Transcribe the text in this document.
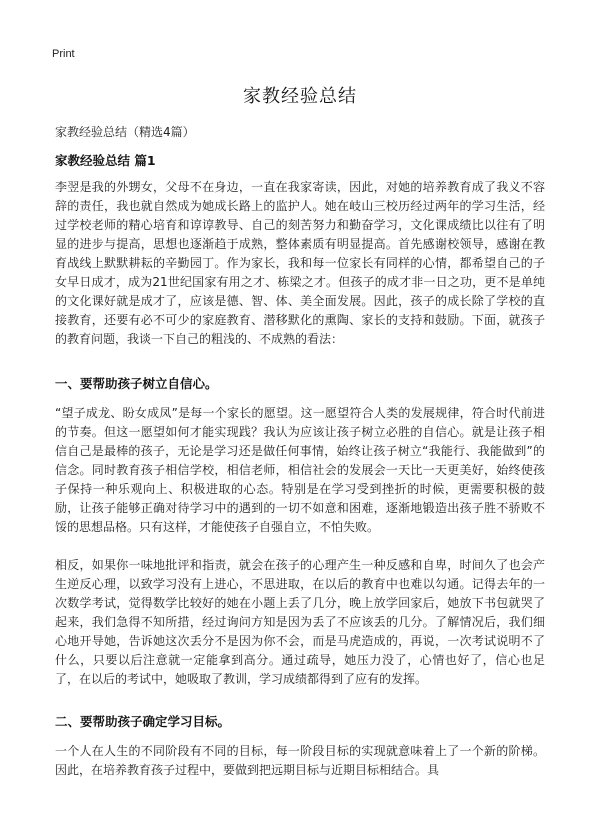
Print
家教经验总结
家教经验总结（精选4篇）
家教经验总结 篇1
李翌是我的外甥女，父母不在身边，一直在我家寄读，因此，对她的培养教育成了我义不容辞的责任，我也就自然成为她成长路上的监护人。她在岐山三校历经过两年的学习生活，经过学校老师的精心培育和谆谆教导、自己的刻苦努力和勤奋学习，文化课成绩比以往有了明显的进步与提高，思想也逐渐趋于成熟，整体素质有明显提高。首先感谢校领导，感谢在教育战线上默默耕耘的辛勤园丁。作为家长，我和每一位家长有同样的心情，都希望自己的子女早日成才，成为21世纪国家有用之才、栋梁之才。但孩子的成才非一日之功，更不是单纯的文化课好就是成才了，应该是德、智、体、美全面发展。因此，孩子的成长除了学校的直接教育，还要有必不可少的家庭教育、潜移默化的熏陶、家长的支持和鼓励。下面，就孩子的教育问题，我谈一下自己的粗浅的、不成熟的看法：
一、要帮助孩子树立自信心。
“望子成龙、盼女成凤”是每一个家长的愿望。这一愿望符合人类的发展规律，符合时代前进的节奏。但这一愿望如何才能实现践？我认为应该让孩子树立必胜的自信心。就是让孩子相信自己是最棒的孩子，无论是学习还是做任何事情，始终让孩子树立“我能行、我能做到”的信念。同时教育孩子相信学校，相信老师，相信社会的发展会一天比一天更美好，始终使孩子保持一种乐观向上、积极进取的心态。特别是在学习受到挫折的时候，更需要积极的鼓励，让孩子能够正确对待学习中的遇到的一切不如意和困难，逐渐地锻造出孩子胜不骄败不馁的思想品格。只有这样，才能使孩子自强自立，不怕失败。
相反，如果你一味地批评和指责，就会在孩子的心理产生一种反感和自卑，时间久了也会产生逆反心理，以致学习没有上进心，不思进取，在以后的教育中也难以勾通。记得去年的一次数学考试，觉得数学比较好的她在小题上丢了几分，晚上放学回家后，她放下书包就哭了起来，我们急得不知所措，经过询问方知是因为丢了不应该丢的几分。了解情况后，我们细心地开导她，告诉她这次丢分不是因为你不会，而是马虎造成的，再说，一次考试说明不了什么，只要以后注意就一定能拿到高分。通过疏导，她压力没了，心情也好了，信心也足了，在以后的考试中，她吸取了教训，学习成绩都得到了应有的发挥。
二、要帮助孩子确定学习目标。
一个人在人生的不同阶段有不同的目标，每一阶段目标的实现就意味着上了一个新的阶梯。因此，在培养教育孩子过程中，要做到把远期目标与近期目标相结合。具
